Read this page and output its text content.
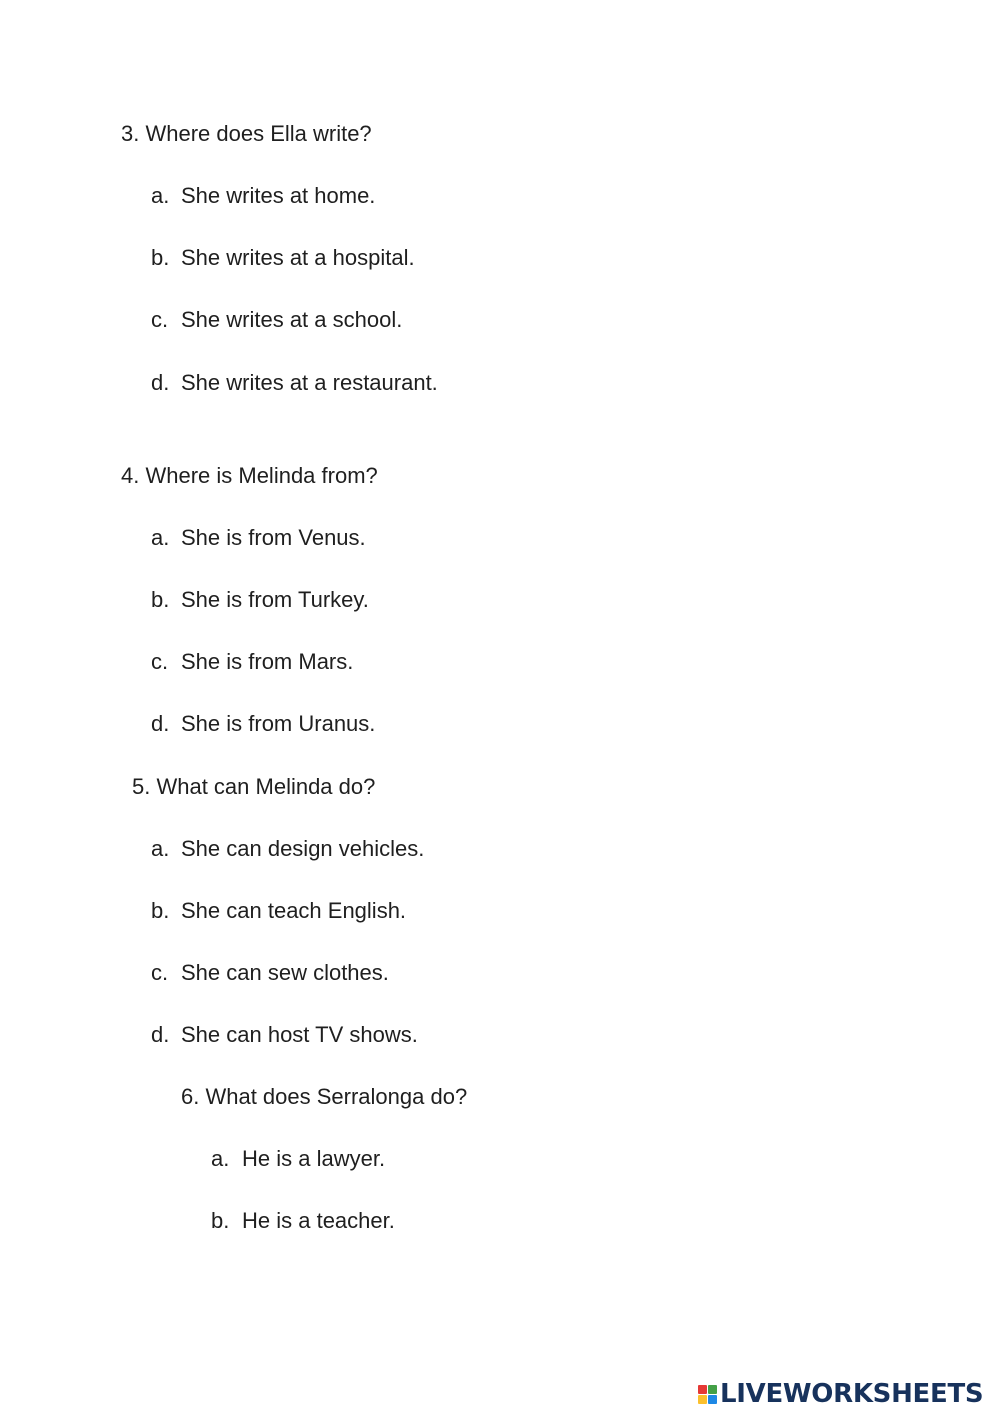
3. Where does Ella write?
a. She writes at home.
b. She writes at a hospital.
c. She writes at a school.
d. She writes at a restaurant.
4. Where is Melinda from?
a. She is from Venus.
b. She is from Turkey.
c. She is from Mars.
d. She is from Uranus.
5. What can Melinda do?
a. She can design vehicles.
b. She can teach English.
c. She can sew clothes.
d. She can host TV shows.
6. What does Serralonga do?
a. He is a lawyer.
b. He is a teacher.
LIVEWORKSHEETS
